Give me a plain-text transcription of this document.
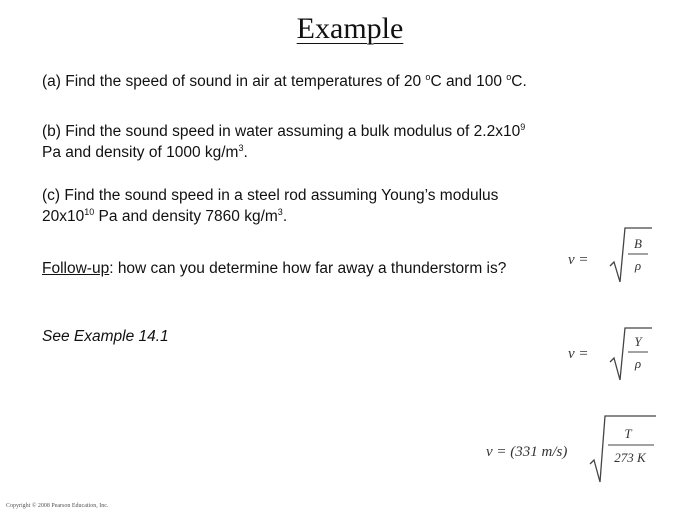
Example
(a) Find the speed of sound in air at temperatures of 20 $^o$C and 100 $^o$C.
(b) Find the sound speed in water assuming a bulk modulus of $2.2x10^9$
Pa and density of 1000 $kg/m^3$.
(c) Find the sound speed in a steel rod assuming Young’s modulus
$20x10^{10}$ Pa and density 7860 $kg/m^3$.
Follow-up: how can you determine how far away a thunderstorm is?
See Example 14.1
v =
B
ρ
v =
Y
ρ
v = (331 m/s)
T
273 K
Copyright © 2008 Pearson Education, Inc.
